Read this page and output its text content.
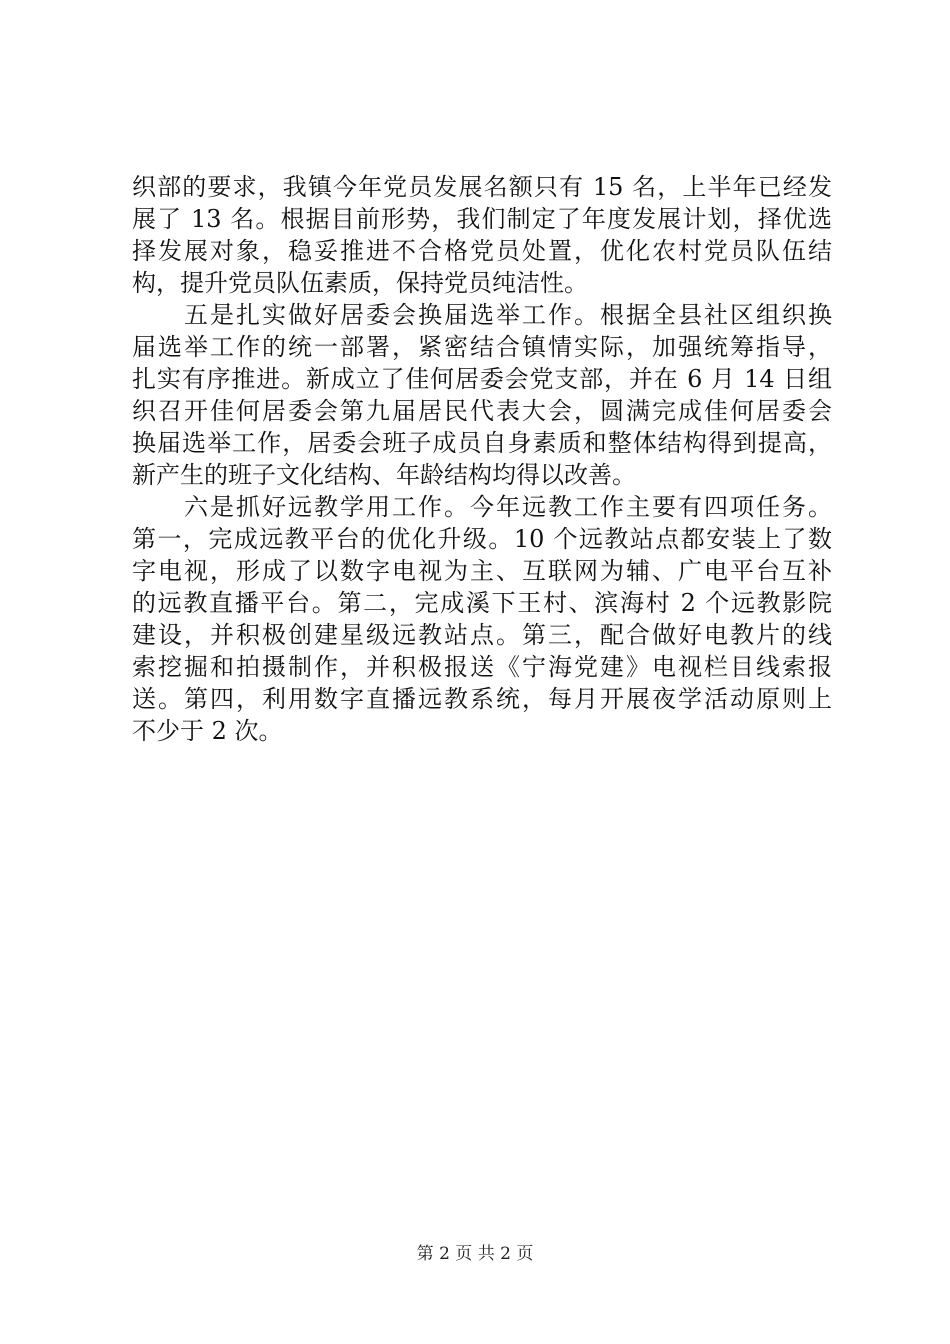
织部的要求，我镇今年党员发展名额只有 15 名，上半年已经发
展了 13 名。根据目前形势，我们制定了年度发展计划，择优选
择发展对象，稳妥推进不合格党员处置，优化农村党员队伍结
构，提升党员队伍素质，保持党员纯洁性。
五是扎实做好居委会换届选举工作。根据全县社区组织换
届选举工作的统一部署，紧密结合镇情实际，加强统筹指导，
扎实有序推进。新成立了佳何居委会党支部，并在 6 月 14 日组
织召开佳何居委会第九届居民代表大会，圆满完成佳何居委会
换届选举工作，居委会班子成员自身素质和整体结构得到提高，
新产生的班子文化结构、年龄结构均得以改善。
六是抓好远教学用工作。今年远教工作主要有四项任务。
第一，完成远教平台的优化升级。10 个远教站点都安装上了数
字电视，形成了以数字电视为主、互联网为辅、广电平台互补
的远教直播平台。第二，完成溪下王村、滨海村 2 个远教影院
建设，并积极创建星级远教站点。第三，配合做好电教片的线
索挖掘和拍摄制作，并积极报送《宁海党建》电视栏目线索报
送。第四，利用数字直播远教系统，每月开展夜学活动原则上
不少于 2 次。
第 2 页 共 2 页
